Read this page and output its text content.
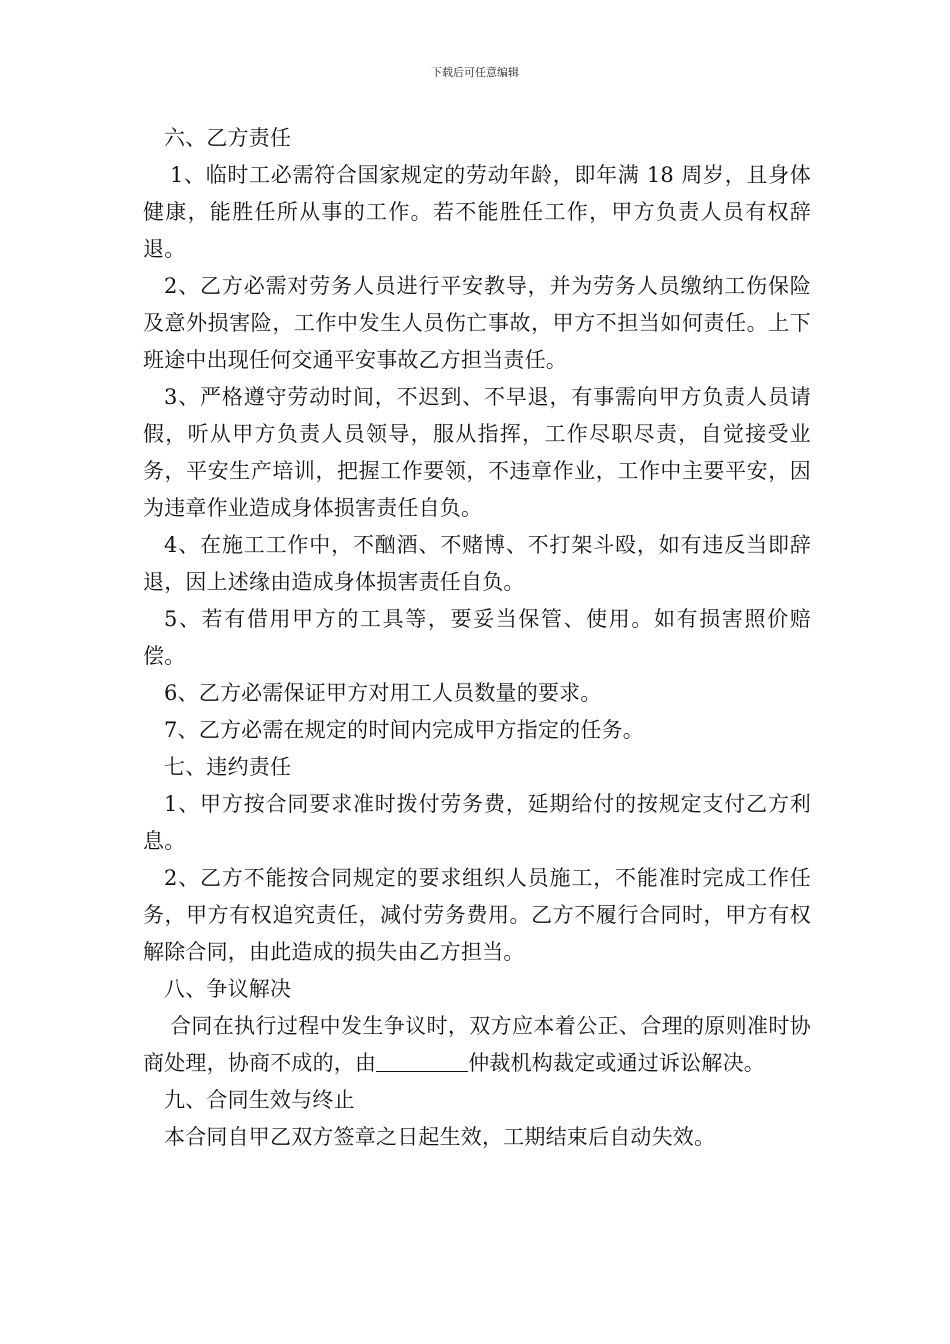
下载后可任意编辑

六、乙方责任

1、临时工必需符合国家规定的劳动年龄，即年满 18 周岁，且身体健康，能胜任所从事的工作。若不能胜任工作，甲方负责人员有权辞退。

2、乙方必需对劳务人员进行平安教导，并为劳务人员缴纳工伤保险及意外损害险，工作中发生人员伤亡事故，甲方不担当如何责任。上下班途中出现任何交通平安事故乙方担当责任。

3、严格遵守劳动时间，不迟到、不早退，有事需向甲方负责人员请假，听从甲方负责人员领导，服从指挥，工作尽职尽责，自觉接受业务，平安生产培训，把握工作要领，不违章作业，工作中主要平安，因为违章作业造成身体损害责任自负。

4、在施工工作中，不酗酒、不赌博、不打架斗殴，如有违反当即辞退，因上述缘由造成身体损害责任自负。

5、若有借用甲方的工具等，要妥当保管、使用。如有损害照价赔偿。

6、乙方必需保证甲方对用工人员数量的要求。

7、乙方必需在规定的时间内完成甲方指定的任务。

七、违约责任

1、甲方按合同要求准时拨付劳务费，延期给付的按规定支付乙方利息。

2、乙方不能按合同规定的要求组织人员施工，不能准时完成工作任务，甲方有权追究责任，减付劳务费用。乙方不履行合同时，甲方有权解除合同，由此造成的损失由乙方担当。

八、争议解决

合同在执行过程中发生争议时，双方应本着公正、合理的原则准时协商处理，协商不成的，由	仲裁机构裁定或通过诉讼解决。

九、合同生效与终止

本合同自甲乙双方签章之日起生效，工期结束后自动失效。
